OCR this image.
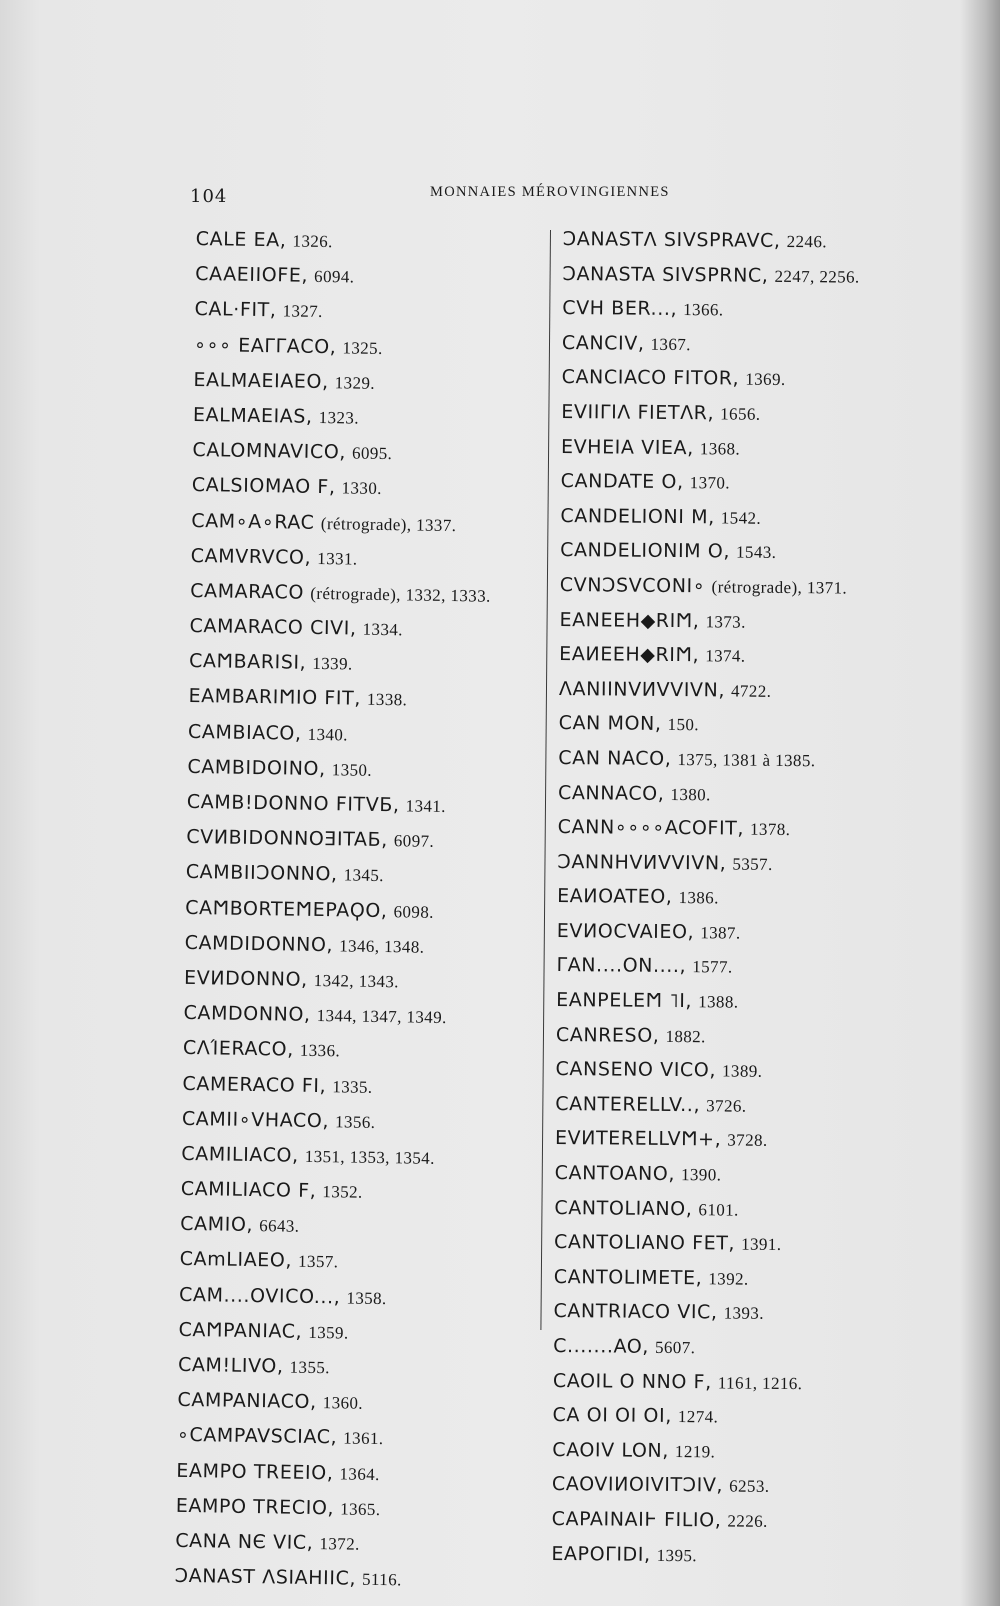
104	MONNAIES MÉROVINGIENNES
CALE ΕΑ, 1326.
CAAEIIOFE, 6094.
CAL·FIT, 1327.
∘∘∘ ΕΑΓΓΑCO, 1325.
ΕALMAΕIAΕO, 1329.
ΕALMAΕIAS, 1323.
CALOMNAVICO, 6095.
CALSIOMAO F, 1330.
CAM∘A∘RAC (rétrograde), 1337.
CAMVRVCO, 1331.
CAMARACO (rétrograde), 1332, 1333.
CAMARACO CIVI, 1334.
CAϺBARISI, 1339.
ΕAMBARIϺIO FIT, 1338.
CAMBIACO, 1340.
CAMBIDOINO, 1350.
CAMB!DONNO FITVƂ, 1341.
CVИBIDONNOƎITAƂ, 6097.
CAMBIIƆONNO, 1345.
CAϺBORTEϺEPAϘO, 6098.
CAMDIDONNO, 1346, 1348.
ΕVИDONNO, 1342, 1343.
CAMDONNO, 1344, 1347, 1349.
CΛΊERACO, 1336.
CAMERACO FI, 1335.
CAMII∘VHACO, 1356.
CAMILIACO, 1351, 1353, 1354.
CAMILIACO F, 1352.
CAMIO, 6643.
CAmLIAΕO, 1357.
CAM....OVICO..., 1358.
CAϺPANIAC, 1359.
CAM!LIVO, 1355.
CAMPANIACO, 1360.
∘CAMPAVSCIAC, 1361.
ΕAMPO TREΕIO, 1364.
ΕAMPO TRECIO, 1365.
CANA NЄ VIC, 1372.
ƆANAST ΛSIAHIIC, 5116.
ƆANASTΛ SIVSPRAVC, 2246.
ƆANASTA SIVSPRNC, 2247, 2256.
CVH BER..., 1366.
CANCIV, 1367.
CANCIACO FITOR, 1369.
ΕVIIΓIΛ FIETΛR, 1656.
ΕVHΕIA VIΕA, 1368.
CANDATE O, 1370.
CANDELIONI M, 1542.
CANDELIONIM O, 1543.
CVNƆSVCONI∘ (rétrograde), 1371.
ΕANEΕH◆RIϺ, 1373.
ΕAИEΕH◆RIϺ, 1374.
ΛANIINVИVVIVN, 4722.
CAN MON, 150.
CAN NACO, 1375, 1381 à 1385.
CANNACO, 1380.
CANN∘∘∘∘ACOFIT, 1378.
ƆANNHVИVVIVN, 5357.
ΕAИOATEO, 1386.
ΕVИOCVAIΕO, 1387.
ΓAN....ON...., 1577.
ΕANPELEϺ ˥I, 1388.
CANRESO, 1882.
CANSENO VICO, 1389.
CANTERELLV.., 3726.
ΕVИTERELLVϺ+, 3728.
CANTOANO, 1390.
CANTOLIANO, 6101.
CANTOLIANO FΕT, 1391.
CANTOLIMETE, 1392.
CANTRIACO VIC, 1393.
C.......AO, 5607.
CAOIL O NNO F, 1161, 1216.
CA OI OI OI, 1274.
CAOIV LON, 1219.
CAOVIИOIVITƆIV, 6253.
CAPAINAIⱵ FILIO, 2226.
ΕAPOΓIDI, 1395.
